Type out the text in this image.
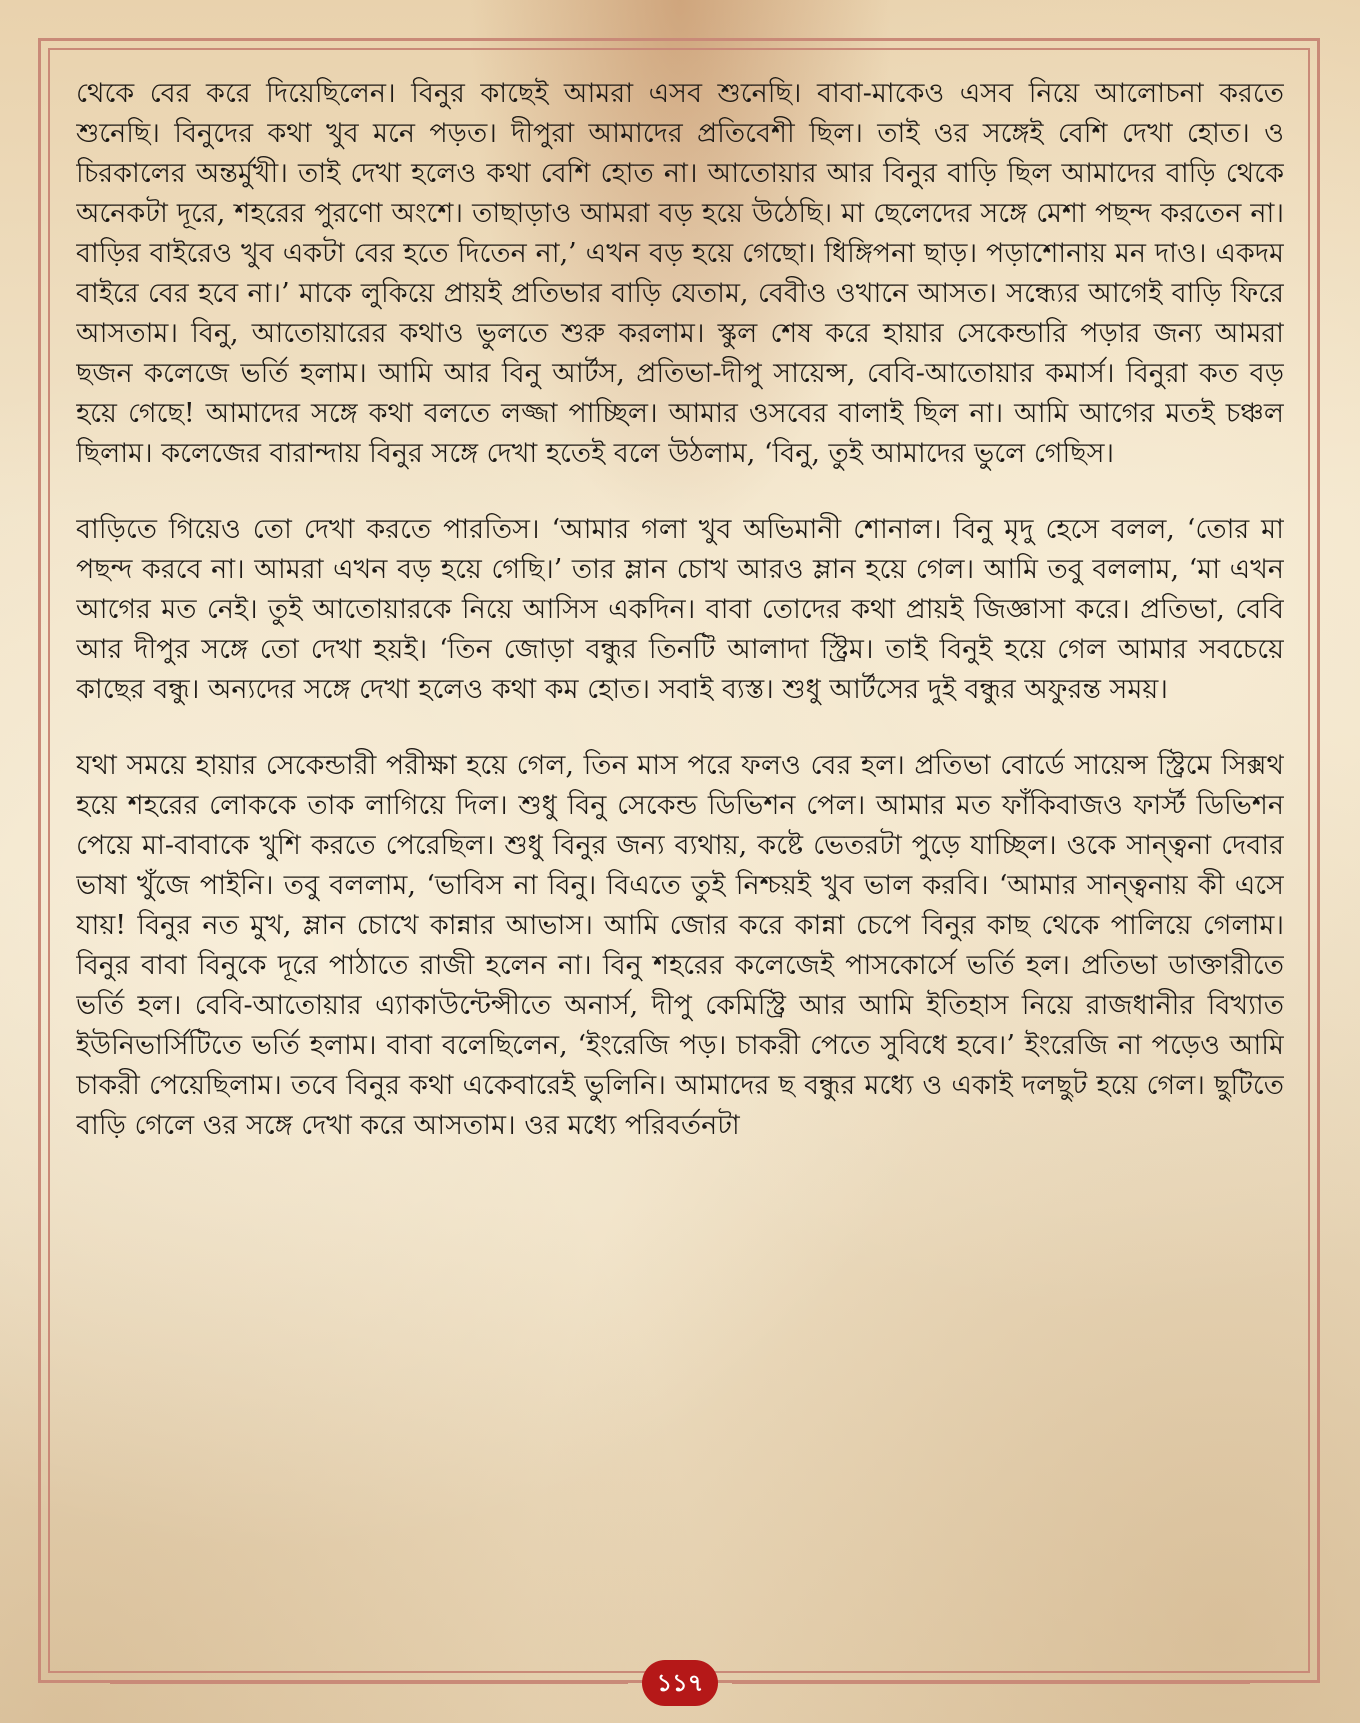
থেকে বের করে দিয়েছিলেন। বিনুর কাছেই আমরা এসব শুনেছি। বাবা-মাকেও এসব নিয়ে আলোচনা করতে শুনেছি। বিনুদের কথা খুব মনে পড়ত। দীপুরা আমাদের প্রতিবেশী ছিল। তাই ওর সঙ্গেই বেশি দেখা হোত। ও চিরকালের অন্তর্মুখী। তাই দেখা হলেও কথা বেশি হোত না। আতোয়ার আর বিনুর বাড়ি ছিল আমাদের বাড়ি থেকে অনেকটা দূরে, শহরের পুরণো অংশে। তাছাড়াও আমরা বড় হয়ে উঠেছি। মা ছেলেদের সঙ্গে মেশা পছন্দ করতেন না। বাড়ির বাইরেও খুব একটা বের হতে দিতেন না,’ এখন বড় হয়ে গেছো। ধিঙ্গিপনা ছাড়। পড়াশোনায় মন দাও। একদম বাইরে বের হবে না।’ মাকে লুকিয়ে প্রায়ই প্রতিভার বাড়ি যেতাম, বেবীও ওখানে আসত। সন্ধ্যের আগেই বাড়ি ফিরে আসতাম। বিনু, আতোয়ারের কথাও ভুলতে শুরু করলাম। স্কুল শেষ করে হায়ার সেকেন্ডারি পড়ার জন্য আমরা ছজন কলেজে ভর্তি হলাম। আমি আর বিনু আর্টস, প্রতিভা-দীপু সায়েন্স, বেবি-আতোয়ার কমার্স। বিনুরা কত বড় হয়ে গেছে! আমাদের সঙ্গে কথা বলতে লজ্জা পাচ্ছিল। আমার ওসবের বালাই ছিল না। আমি আগের মতই চঞ্চল ছিলাম। কলেজের বারান্দায় বিনুর সঙ্গে দেখা হতেই বলে উঠলাম, ‘বিনু, তুই আমাদের ভুলে গেছিস।

বাড়িতে গিয়েও তো দেখা করতে পারতিস। ‘আমার গলা খুব অভিমানী শোনাল। বিনু মৃদু হেসে বলল, ‘তোর মা পছন্দ করবে না। আমরা এখন বড় হয়ে গেছি।’ তার ম্লান চোখ আরও ম্লান হয়ে গেল। আমি তবু বললাম, ‘মা এখন আগের মত নেই। তুই আতোয়ারকে নিয়ে আসিস একদিন। বাবা তোদের কথা প্রায়ই জিজ্ঞাসা করে। প্রতিভা, বেবি আর দীপুর সঙ্গে তো দেখা হয়ই। ‘তিন জোড়া বন্ধুর তিনটি আলাদা স্ট্রিম। তাই বিনুই হয়ে গেল আমার সবচেয়ে কাছের বন্ধু। অন্যদের সঙ্গে দেখা হলেও কথা কম হোত। সবাই ব্যস্ত। শুধু আর্টসের দুই বন্ধুর অফুরন্ত সময়।

যথা সময়ে হায়ার সেকেন্ডারী পরীক্ষা হয়ে গেল, তিন মাস পরে ফলও বের হল। প্রতিভা বোর্ডে সায়েন্স স্ট্রিমে সিক্সথ হয়ে শহরের লোককে তাক লাগিয়ে দিল। শুধু বিনু সেকেন্ড ডিভিশন পেল। আমার মত ফাঁকিবাজও ফার্স্ট ডিভিশন পেয়ে মা-বাবাকে খুশি করতে পেরেছিল। শুধু বিনুর জন্য ব্যথায়, কষ্টে ভেতরটা পুড়ে যাচ্ছিল। ওকে সান্ত্বনা দেবার ভাষা খুঁজে পাইনি। তবু বললাম, ‘ভাবিস না বিনু। বিএতে তুই নিশ্চয়ই খুব ভাল করবি। ‘আমার সান্ত্বনায় কী এসে যায়! বিনুর নত মুখ, ম্লান চোখে কান্নার আভাস। আমি জোর করে কান্না চেপে বিনুর কাছ থেকে পালিয়ে গেলাম। বিনুর বাবা বিনুকে দূরে পাঠাতে রাজী হলেন না। বিনু শহরের কলেজেই পাসকোর্সে ভর্তি হল। প্রতিভা ডাক্তারীতে ভর্তি হল। বেবি-আতোয়ার এ্যাকাউন্টেন্সীতে অনার্স, দীপু কেমিস্ট্রি আর আমি ইতিহাস নিয়ে রাজধানীর বিখ্যাত ইউনিভার্সিটিতে ভর্তি হলাম। বাবা বলেছিলেন, ‘ইংরেজি পড়। চাকরী পেতে সুবিধে হবে।’ ইংরেজি না পড়েও আমি চাকরী পেয়েছিলাম। তবে বিনুর কথা একেবারেই ভুলিনি। আমাদের ছ বন্ধুর মধ্যে ও একাই দলছুট হয়ে গেল। ছুটিতে বাড়ি গেলে ওর সঙ্গে দেখা করে আসতাম। ওর মধ্যে পরিবর্তনটা

১১৭
